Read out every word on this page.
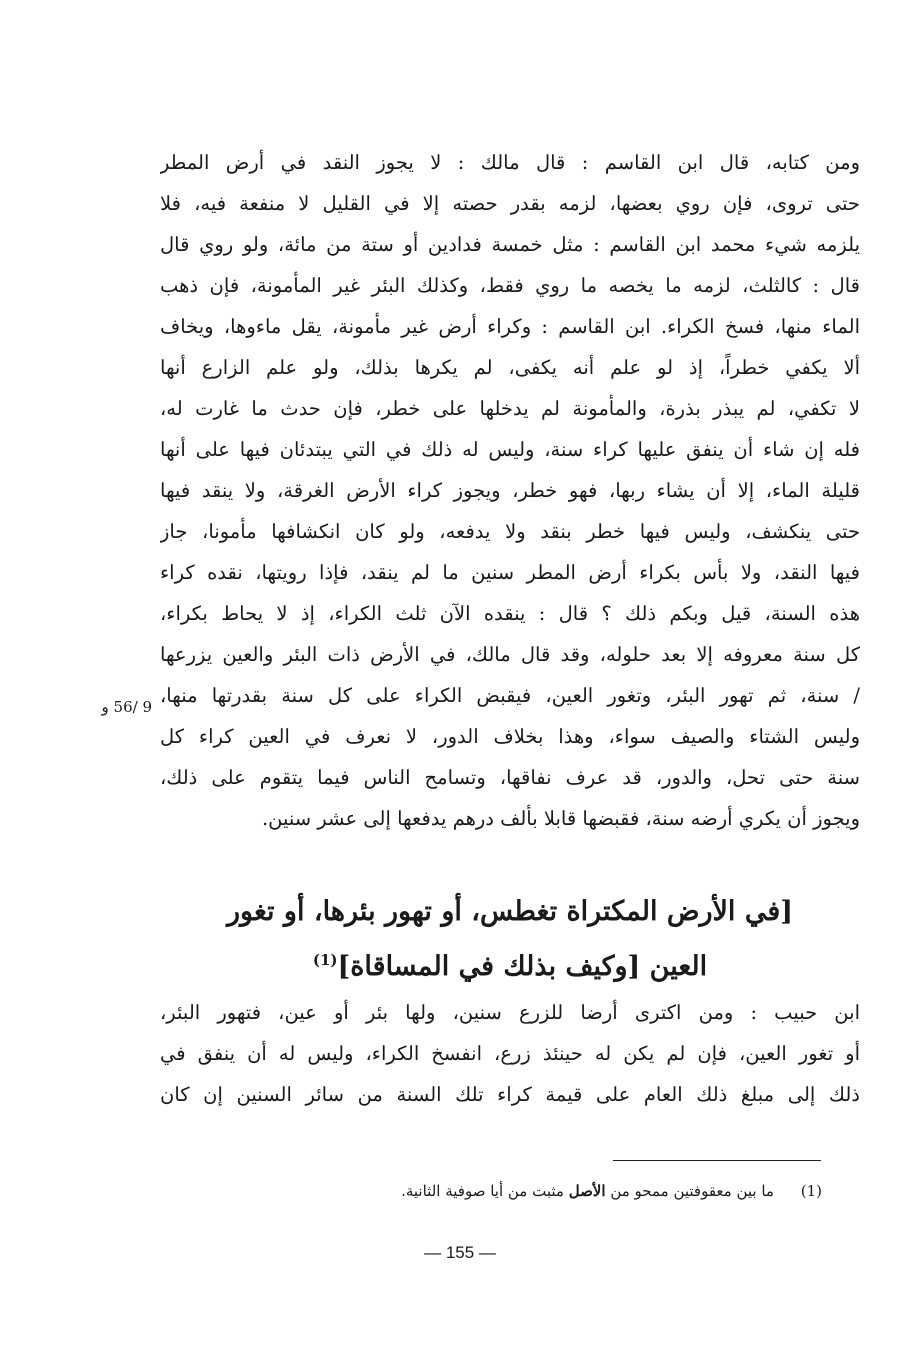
ومن كتابه، قال ابن القاسم : قال مالك : لا يجوز النقد في أرض المطر
حتى تروى، فإن روي بعضها، لزمه بقدر حصته إلا في القليل لا منفعة فيه، فلا
يلزمه شيء محمد ابن القاسم : مثل خمسة فدادين أو ستة من مائة، ولو روي قال
قال : كالثلث، لزمه ما يخصه ما روي فقط، وكذلك البئر غير المأمونة، فإن ذهب
الماء منها، فسخ الكراء. ابن القاسم : وكراء أرض غير مأمونة، يقل ماءوها، ويخاف
ألا يكفي خطراً، إذ لو علم أنه يكفى، لم يكرها بذلك، ولو علم الزارع أنها
لا تكفي، لم يبذر بذرة، والمأمونة لم يدخلها على خطر، فإن حدث ما غارت له،
فله إن شاء أن ينفق عليها كراء سنة، وليس له ذلك في التي يبتدئان فيها على أنها
قليلة الماء، إلا أن يشاء ربها، فهو خطر، ويجوز كراء الأرض الغرقة، ولا ينقد فيها
حتى ينكشف، وليس فيها خطر بنقد ولا يدفعه، ولو كان انكشافها مأمونا، جاز
فيها النقد، ولا بأس بكراء أرض المطر سنين ما لم ينقد، فإذا رويتها، نقده كراء
هذه السنة، قيل وبكم ذلك ؟ قال : ينقده الآن ثلث الكراء، إذ لا يحاط بكراء،
كل سنة معروفه إلا بعد حلوله، وقد قال مالك، في الأرض ذات البئر والعين يزرعها
/ سنة، ثم تهور البئر، وتغور العين، فيقبض الكراء على كل سنة بقدرتها منها،
وليس الشتاء والصيف سواء، وهذا بخلاف الدور، لا نعرف في العين كراء كل
سنة حتى تحل، والدور، قد عرف نفاقها، وتسامح الناس فيما يتقوم على ذلك،
ويجوز أن يكري أرضه سنة، فقبضها قابلا بألف درهم يدفعها إلى عشر سنين.
9 /56 و
[في الأرض المكتراة تغطس، أو تهور بئرها، أو تغور
العين [وكيف بذلك في المساقاة]$^{(1)}$
ابن حبيب : ومن اكترى أرضا للزرع سنين، ولها بئر أو عين، فتهور البئر،
أو تغور العين، فإن لم يكن له حينئذ زرع، انفسخ الكراء، وليس له أن ينفق في
ذلك إلى مبلغ ذلك العام على قيمة كراء تلك السنة من سائر السنين إن كان
(1) ما بين معقوفتين ممحو من الأصل مثبت من أيا صوفية الثانية.
— 155 —
